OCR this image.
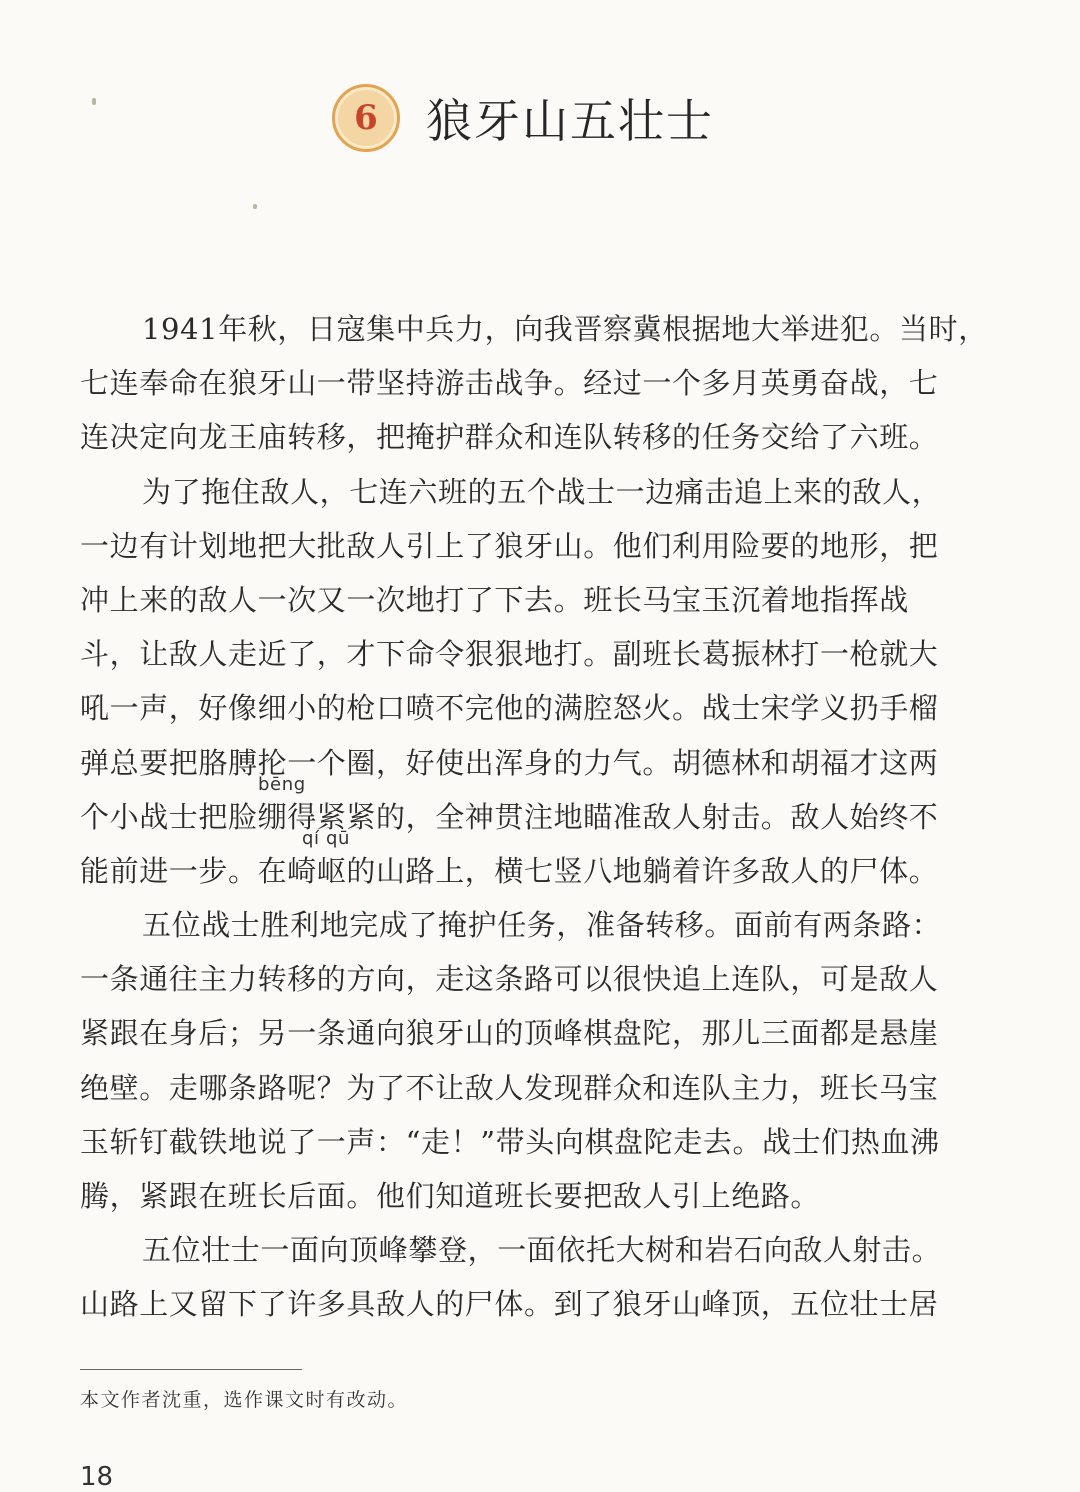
6	狼牙山五壮士
1941年秋，日寇集中兵力，向我晋察冀根据地大举进犯。当时，
七连奉命在狼牙山一带坚持游击战争。经过一个多月英勇奋战，七
连决定向龙王庙转移，把掩护群众和连队转移的任务交给了六班。
为了拖住敌人，七连六班的五个战士一边痛击追上来的敌人，
一边有计划地把大批敌人引上了狼牙山。他们利用险要的地形，把
冲上来的敌人一次又一次地打了下去。班长马宝玉沉着地指挥战
斗，让敌人走近了，才下命令狠狠地打。副班长葛振林打一枪就大
吼一声，好像细小的枪口喷不完他的满腔怒火。战士宋学义扔手榴
弹总要把胳膊抡一个圈，好使出浑身的力气。胡德林和胡福才这两
bēng
个小战士把脸绷得紧紧的，全神贯注地瞄准敌人射击。敌人始终不
qí qū
能前进一步。在崎岖的山路上，横七竖八地躺着许多敌人的尸体。
五位战士胜利地完成了掩护任务，准备转移。面前有两条路：
一条通往主力转移的方向，走这条路可以很快追上连队，可是敌人
紧跟在身后；另一条通向狼牙山的顶峰棋盘陀，那儿三面都是悬崖
绝壁。走哪条路呢？为了不让敌人发现群众和连队主力，班长马宝
玉斩钉截铁地说了一声：“走！”带头向棋盘陀走去。战士们热血沸
腾，紧跟在班长后面。他们知道班长要把敌人引上绝路。
五位壮士一面向顶峰攀登，一面依托大树和岩石向敌人射击。
山路上又留下了许多具敌人的尸体。到了狼牙山峰顶，五位壮士居
本文作者沈重，选作课文时有改动。
18
